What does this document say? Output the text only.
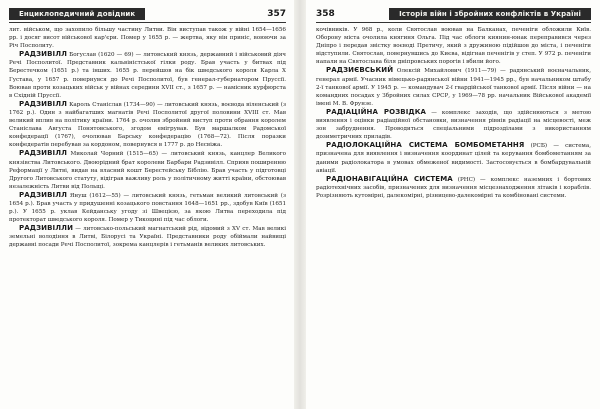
Енциклопедичний довідник	357

лит. військом, що захопило більшу частину Литви. Він виступав також у війні 1654—1656 рр. і досяг висот військової кар'єри. Помер у 1655 р. — жертва, яку він приніс, воюючи за Річ Посполиту.

РАДЗИВІЛЛ Богуслав (1620 — 69) — литовський князь, державний і військовий діяч Речі Посполитої. Представник кальвіністської гілки роду. Брав участь у битвах під Берестечком (1651 р.) та інших. 1655 р. перейшов на бік шведського короля Карла Х Густава, у 1657 р. повернувся до Речі Посполитої, був генерал-губернатором Пруссії. Воював проти козацьких військ у війнах середини XVII ст., з 1657 р. — намісник курфюрста в Східній Пруссії.

РАДЗИВІЛЛ Кароль Станіслав (1734—90) — литовський князь, воєвода віленський (з 1762 р.). Один з найбагатших магнатів Речі Посполитої другої половини XVIII ст. Мав великий вплив на політику країни. 1764 р. очолив збройний виступ проти обрання королем Станіслава Августа Понятовського, згодом емігрував. Був маршалком Радомської конфедерації (1767), очолював Барську конфедерацію (1768—72). Після поразки конфедератів перебував за кордоном, повернувся в 1777 р. до Несвіжа.

РАДЗИВІЛЛ Миколай Чорний (1515—65) — литовський князь, канцлер Великого князівства Литовського. Двоюрідний брат королеви Барбари Радзивілл. Сприяв поширенню Реформації у Литві, видав на власний кошт Берестейську Біблію. Брав участь у підготовці Другого Литовського статуту, відіграв важливу роль у політичному житті країни, обстоював незалежність Литви від Польщі.

РАДЗИВІЛЛ Януш (1612—55) — литовський князь, гетьман великий литовський (з 1654 р.). Брав участь у придушенні козацького повстання 1648—1651 рр., здобув Київ (1651 р.). У 1655 р. уклав Кейданську угоду зі Швецією, за якою Литва переходила під протекторат шведського короля. Помер у Тикоцині під час облоги.

РАДЗИВІЛЛИ — литовсько-польський магнатський рід, відомий з XV ст. Мав великі земельні володіння в Литві, Білорусі та Україні. Представники роду обіймали найвищі державні посади Речі Посполитої, зокрема канцлерів і гетьманів великих литовських.

358	Історія війн і збройних конфліктів в Україні

кочівників. У 968 р., коли Святослав воював на Балканах, печеніги обложили Київ. Оборону міста очолила княгиня Ольга. Під час облоги киянин-юнак переправився через Дніпро і передав звістку воєводі Претичу, який з дружиною підійшов до міста, і печеніги відступили. Святослав, повернувшись до Києва, відігнав печенігів у степ. У 972 р. печеніги напали на Святослава біля дніпровських порогів і вбили його.

РАДЗИЄВСЬКИЙ Олексій Михайлович (1911—79) — радянський воєначальник, генерал армії. Учасник німецько-радянської війни 1941—1945 рр., був начальником штабу 2-ї танкової армії. У 1945 р. — командувач 2-ї гвардійської танкової армії. Після війни — на командних посадах у Збройних силах СРСР, у 1969—78 рр. начальник Військової академії імені М. В. Фрунзе.

РАДІАЦІЙНА РОЗВІДКА — комплекс заходів, що здійснюються з метою виявлення і оцінки радіаційної обстановки, визначення рівнів радіації на місцевості, меж зон забруднення. Проводиться спеціальними підрозділами з використанням дозиметричних приладів.

РАДІОЛОКАЦІЙНА СИСТЕМА БОМБОМЕТАННЯ (РСБ) — система, призначена для виявлення і визначення координат цілей та керування бомбометанням за даними радіолокатора в умовах обмеженої видимості. Застосовується в бомбардувальній авіації.

РАДІОНАВІГАЦІЙНА СИСТЕМА (РНС) — комплекс наземних і бортових радіотехнічних засобів, призначених для визначення місцезнаходження літаків і кораблів. Розрізняють кутомірні, далекомірні, різницево-далекомірні та комбіновані системи.
